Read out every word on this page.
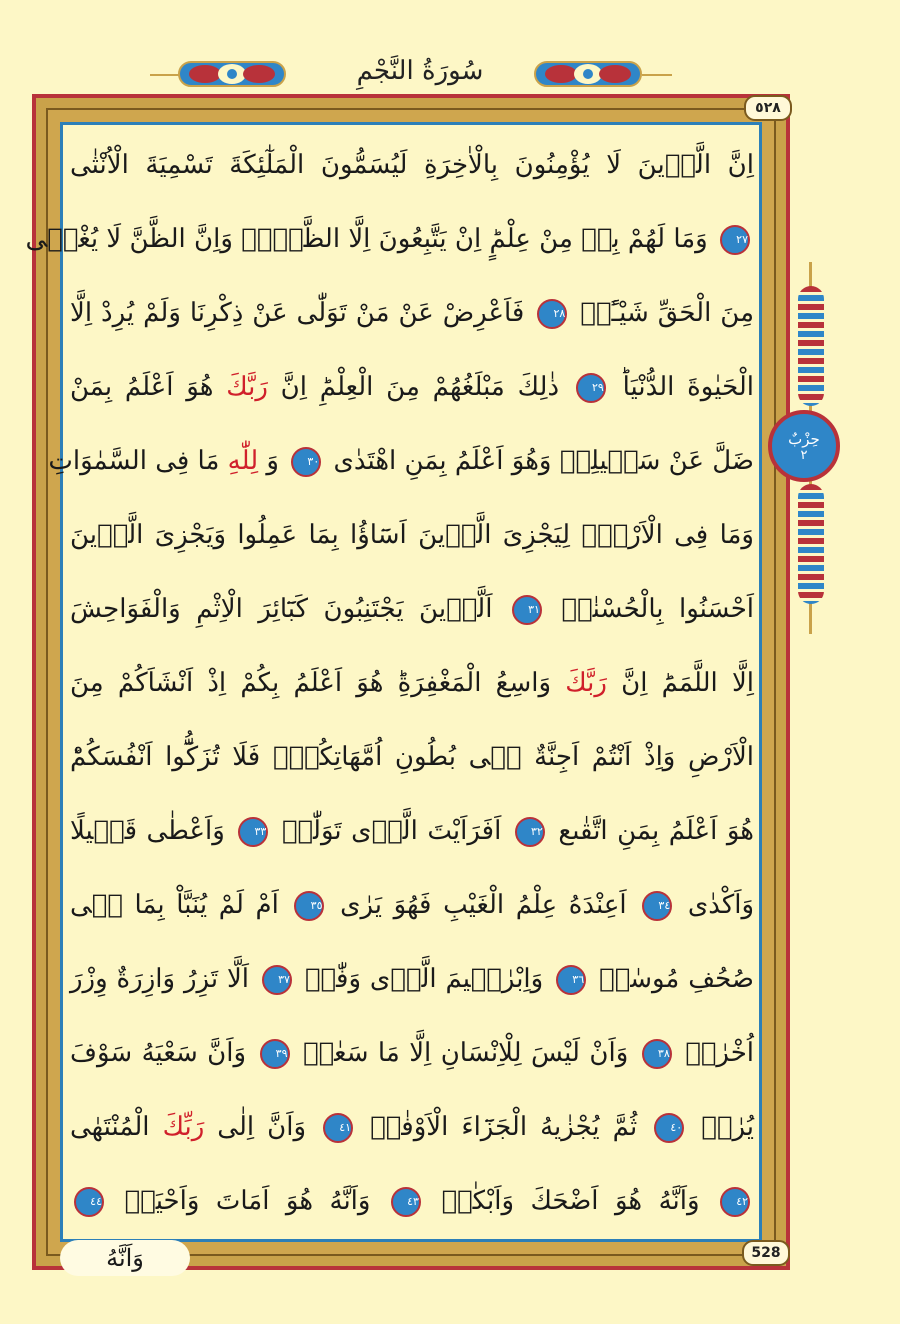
سُورَةُ النَّجْمِ
٥٢٨
اِنَّ الَّذٖينَ لَا يُؤْمِنُونَ بِالْاٰخِرَةِ لَيُسَمُّونَ الْمَلٰٓئِكَةَ تَسْمِيَةَ الْاُنْثٰى
٢٧ وَمَا لَهُمْ بِهٖ مِنْ عِلْمٍؕ اِنْ يَتَّبِعُونَ اِلَّا الظَّنَّۚ وَاِنَّ الظَّنَّ لَا يُغْنٖى
مِنَ الْحَقِّ شَيْـًٔاۚ ٢٨ فَاَعْرِضْ عَنْ مَنْ تَوَلّٰى عَنْ ذِكْرِنَا وَلَمْ يُرِدْ اِلَّا
الْحَيٰوةَ الدُّنْيَاؕ ٢٩ ذٰلِكَ مَبْلَغُهُمْ مِنَ الْعِلْمِؕ اِنَّ رَبَّكَ هُوَ اَعْلَمُ بِمَنْ
ضَلَّ عَنْ سَبٖيلِهٖ وَهُوَ اَعْلَمُ بِمَنِ اهْتَدٰى ٣٠ وَ لِلّٰهِ مَا فِى السَّمٰوَاتِ
وَمَا فِى الْاَرْضِۙ لِيَجْزِىَ الَّذٖينَ اَسَٓاؤُا بِمَا عَمِلُوا وَيَجْزِىَ الَّذٖينَ
اَحْسَنُوا بِالْحُسْنٰىۚ ٣١ اَلَّذٖينَ يَجْتَنِبُونَ كَبَٓائِرَ الْاِثْمِ وَالْفَوَاحِشَ
اِلَّا اللَّمَمَؕ اِنَّ رَبَّكَ وَاسِعُ الْمَغْفِرَةِؕ هُوَ اَعْلَمُ بِكُمْ اِذْ اَنْشَاَكُمْ مِنَ
الْاَرْضِ وَاِذْ اَنْتُمْ اَجِنَّةٌ فٖى بُطُونِ اُمَّهَاتِكُمْۚ فَلَا تُزَكُّٓوا اَنْفُسَكُمْؕ
هُوَ اَعْلَمُ بِمَنِ اتَّقٰىع ٣٢ اَفَرَاَيْتَ الَّذٖى تَوَلّٰىۙ ٣٣ وَاَعْطٰى قَلٖيلًا
وَاَكْدٰى ٣٤ اَعِنْدَهُ عِلْمُ الْغَيْبِ فَهُوَ يَرٰى ٣٥ اَمْ لَمْ يُنَبَّاْ بِمَا فٖى
صُحُفِ مُوسٰىۙ ٣٦ وَاِبْرٰهٖيمَ الَّذٖى وَفّٰىۙ ٣٧ اَلَّا تَزِرُ وَازِرَةٌ وِزْرَ
اُخْرٰىۙ ٣٨ وَاَنْ لَيْسَ لِلْاِنْسَانِ اِلَّا مَا سَعٰىۙ ٣٩ وَاَنَّ سَعْيَهُ سَوْفَ
يُرٰىۖ ٤٠ ثُمَّ يُجْزٰيهُ الْجَزَٓاءَ الْاَوْفٰىۙ ٤١ وَاَنَّ اِلٰى رَبِّكَ الْمُنْتَهٰى
٤٢ وَاَنَّهُ هُوَ اَضْحَكَ وَاَبْكٰىۙ ٤٣ وَاَنَّهُ هُوَ اَمَاتَ وَاَحْيَاۙ ٤٤
528
وَاَنَّهُ
حِزْبٌ
٢
